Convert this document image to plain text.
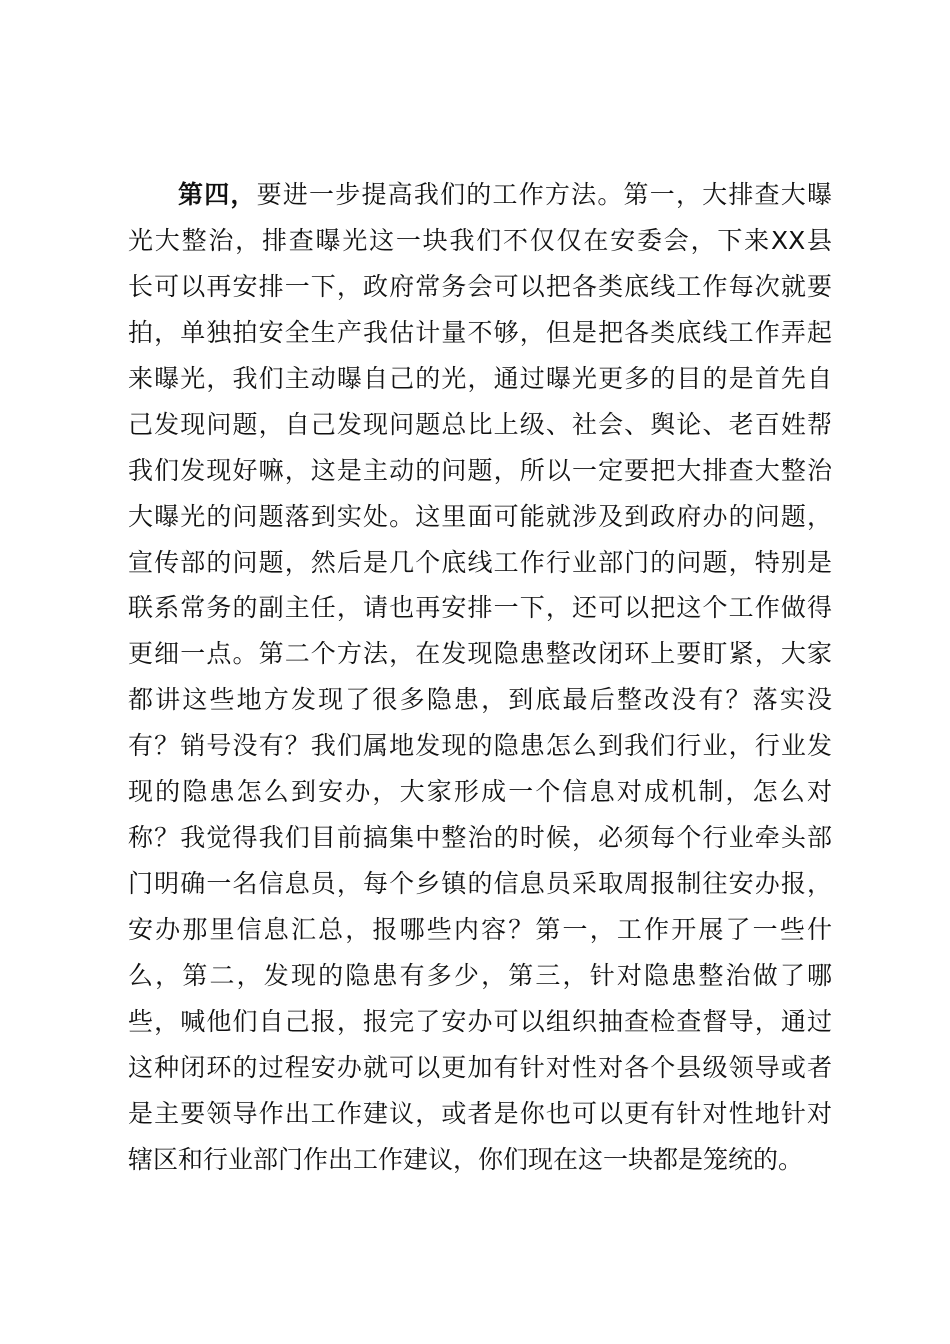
第四，要进一步提高我们的工作方法。第一，大排查大曝
光大整治，排查曝光这一块我们不仅仅在安委会，下来XX县
长可以再安排一下，政府常务会可以把各类底线工作每次就要
拍，单独拍安全生产我估计量不够，但是把各类底线工作弄起
来曝光，我们主动曝自己的光，通过曝光更多的目的是首先自
己发现问题，自己发现问题总比上级、社会、舆论、老百姓帮
我们发现好嘛，这是主动的问题，所以一定要把大排查大整治
大曝光的问题落到实处。这里面可能就涉及到政府办的问题，
宣传部的问题，然后是几个底线工作行业部门的问题，特别是
联系常务的副主任，请也再安排一下，还可以把这个工作做得
更细一点。第二个方法，在发现隐患整改闭环上要盯紧，大家
都讲这些地方发现了很多隐患，到底最后整改没有？落实没
有？销号没有？我们属地发现的隐患怎么到我们行业，行业发
现的隐患怎么到安办，大家形成一个信息对成机制，怎么对
称？我觉得我们目前搞集中整治的时候，必须每个行业牵头部
门明确一名信息员，每个乡镇的信息员采取周报制往安办报，
安办那里信息汇总，报哪些内容？第一，工作开展了一些什
么，第二，发现的隐患有多少，第三，针对隐患整治做了哪
些，喊他们自己报，报完了安办可以组织抽查检查督导，通过
这种闭环的过程安办就可以更加有针对性对各个县级领导或者
是主要领导作出工作建议，或者是你也可以更有针对性地针对
辖区和行业部门作出工作建议，你们现在这一块都是笼统的。
